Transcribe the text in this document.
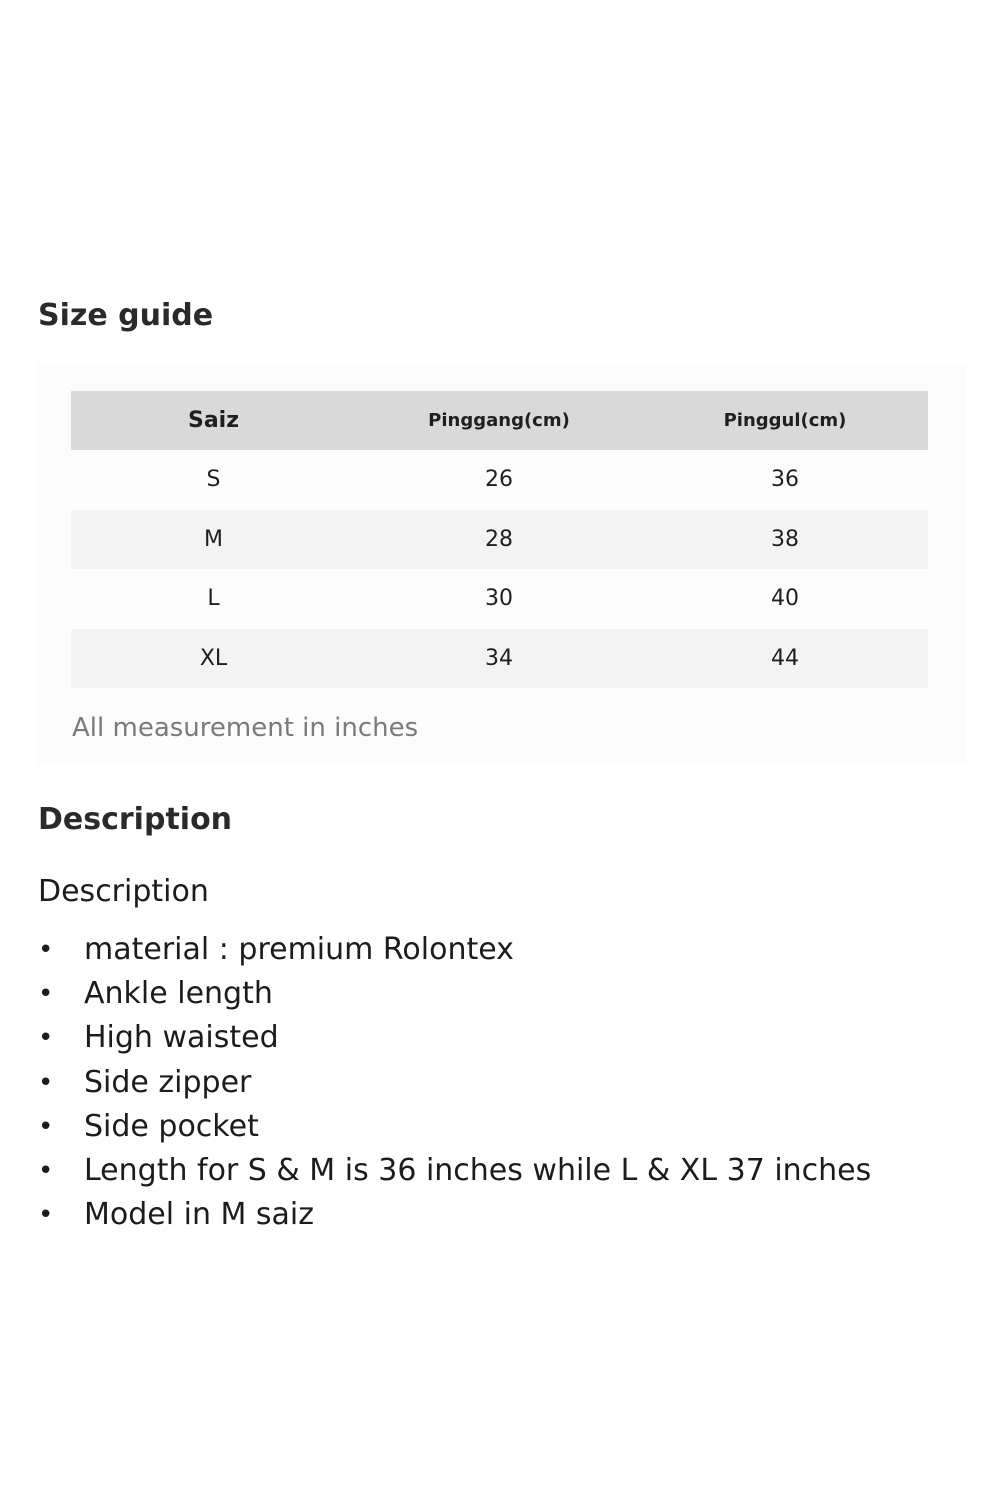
Size guide
Saiz	Pinggang(cm)	Pinggul(cm)
S	26	36
M	28	38
L	30	40
XL	34	44

All measurement in inches

Description

Description

• material : premium Rolontex
• Ankle length
• High waisted
• Side zipper
• Side pocket
• Length for S & M is 36 inches while L & XL 37 inches
• Model in M saiz
